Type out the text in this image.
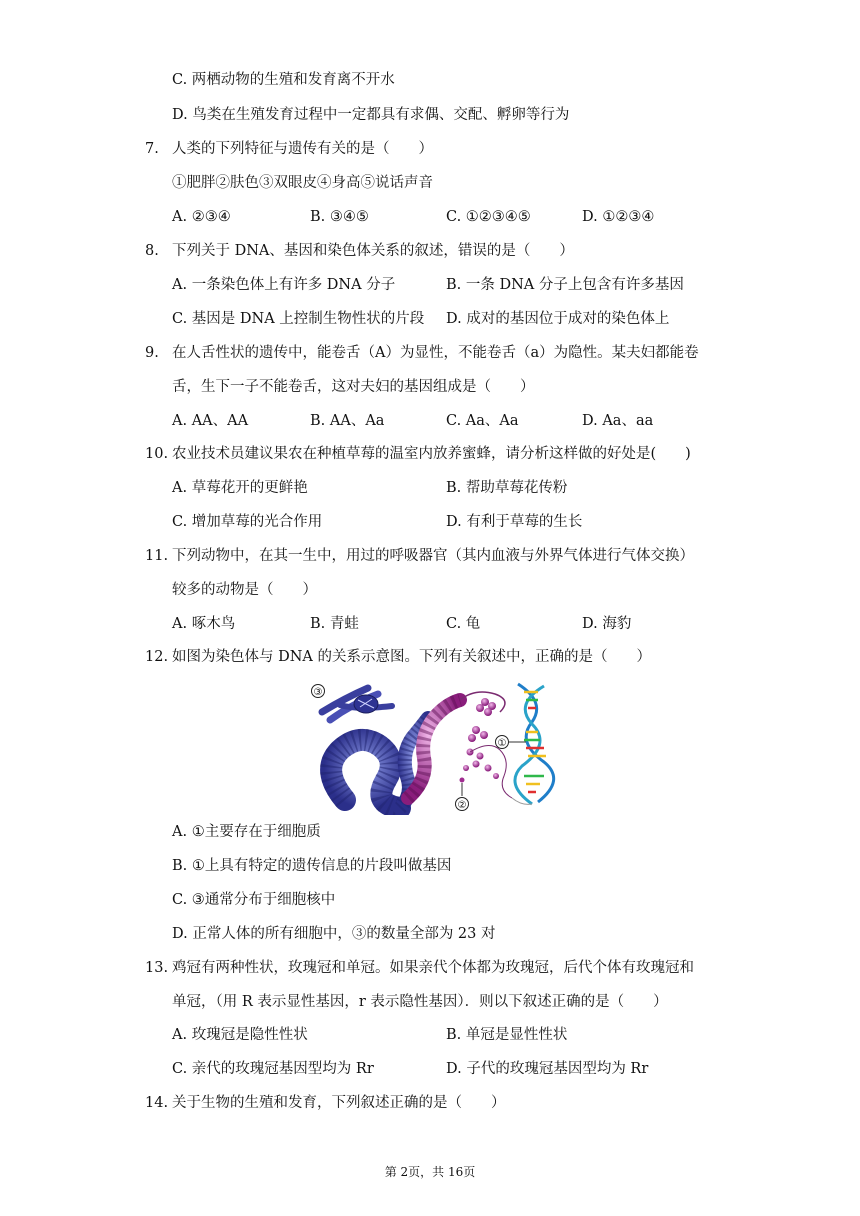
C. 两栖动物的生殖和发育离不开水
D. 鸟类在生殖发育过程中一定都具有求偶、交配、孵卵等行为
7. 人类的下列特征与遗传有关的是（　　）
①肥胖②肤色③双眼皮④身高⑤说话声音
A. ②③④	B. ③④⑤	C. ①②③④⑤	D. ①②③④
8. 下列关于 DNA、基因和染色体关系的叙述，错误的是（　　）
A. 一条染色体上有许多 DNA 分子	B. 一条 DNA 分子上包含有许多基因
C. 基因是 DNA 上控制生物性状的片段 D. 成对的基因位于成对的染色体上
9. 在人舌性状的遗传中，能卷舌（A）为显性，不能卷舌（a）为隐性。某夫妇都能卷
舌，生下一子不能卷舌，这对夫妇的基因组成是（　　）
A. AA、AA	B. AA、Aa	C. Aa、Aa	D. Aa、aa
10. 农业技术员建议果农在种植草莓的温室内放养蜜蜂，请分析这样做的好处是(　　)
A. 草莓花开的更鲜艳	B. 帮助草莓花传粉
C. 增加草莓的光合作用	D. 有利于草莓的生长
11. 下列动物中，在其一生中，用过的呼吸器官（其内血液与外界气体进行气体交换）
较多的动物是（　　）
A. 啄木鸟	B. 青蛙	C. 龟	D. 海豹
12. 如图为染色体与 DNA 的关系示意图。下列有关叙述中，正确的是（　　）
①
②
③
A. ①主要存在于细胞质
B. ①上具有特定的遗传信息的片段叫做基因
C. ③通常分布于细胞核中
D. 正常人体的所有细胞中，③的数量全部为 23 对
13. 鸡冠有两种性状，玫瑰冠和单冠。如果亲代个体都为玫瑰冠，后代个体有玫瑰冠和
单冠，（用 R 表示显性基因，r 表示隐性基因）．则以下叙述正确的是（　　）
A. 玫瑰冠是隐性性状	B. 单冠是显性性状
C. 亲代的玫瑰冠基因型均为 Rr	D. 子代的玫瑰冠基因型均为 Rr
14. 关于生物的生殖和发育，下列叙述正确的是（　　）
第 2页，共 16页
